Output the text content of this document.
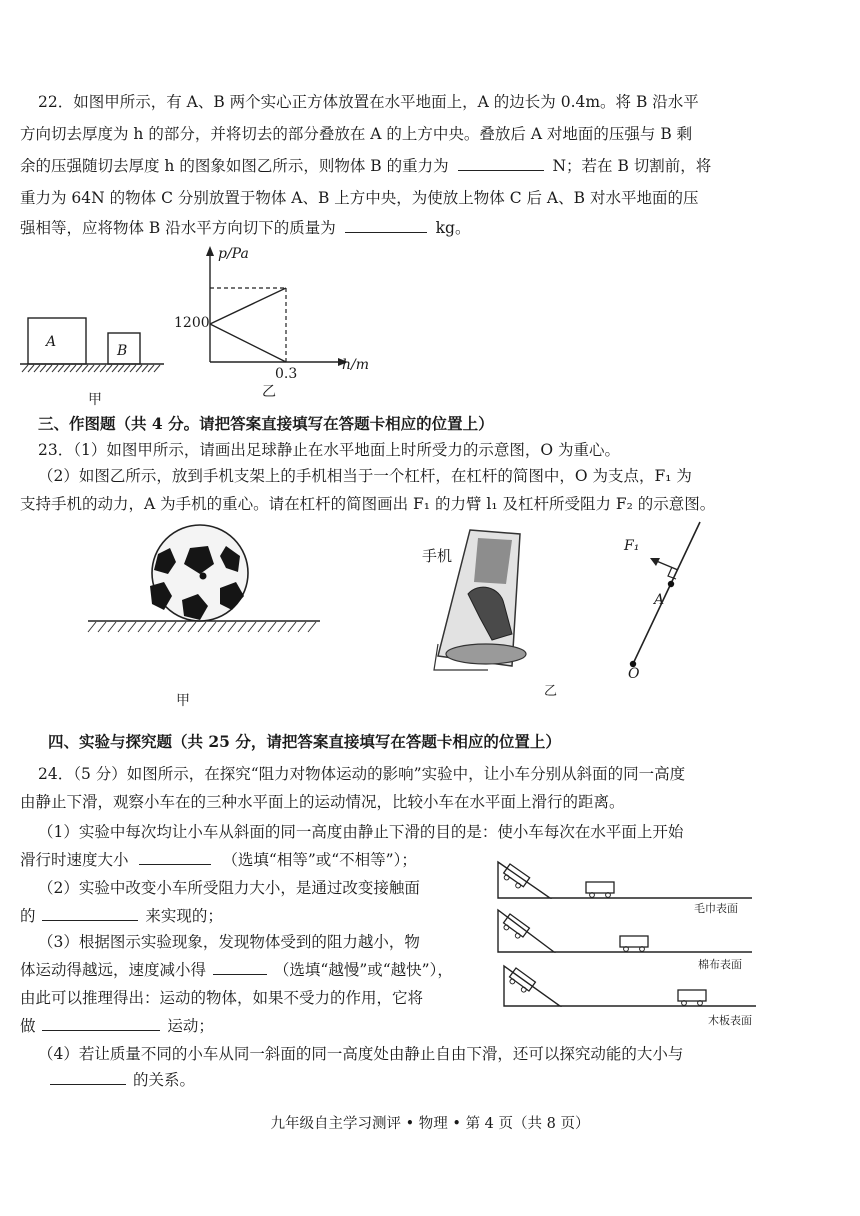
22．如图甲所示，有 A、B 两个实心正方体放置在水平地面上，A 的边长为 0.4m。将 B 沿水平
方向切去厚度为 h 的部分，并将切去的部分叠放在 A 的上方中央。叠放后 A 对地面的压强与 B 剩
余的压强随切去厚度 h 的图象如图乙所示，则物体 B 的重力为	N；若在 B 切割前，将
重力为 64N 的物体 C 分别放置于物体 A、B 上方中央，为使放上物体 C 后 A、B 对水平地面的压
强相等，应将物体 B 沿水平方向切下的质量为	kg。
A
B
甲
p/Pa
1200
0.3
h/m
乙
三、作图题（共 4 分。请把答案直接填写在答题卡相应的位置上）
23．（1）如图甲所示，请画出足球静止在水平地面上时所受力的示意图，O 为重心。
（2）如图乙所示，放到手机支架上的手机相当于一个杠杆，在杠杆的简图中，O 为支点，F₁ 为
支持手机的动力，A 为手机的重心。请在杠杆的简图画出 F₁ 的力臂 l₁ 及杠杆所受阻力 F₂ 的示意图。
甲
手机
乙
F₁
A
O
四、实验与探究题（共 25 分，请把答案直接填写在答题卡相应的位置上）
24．（5 分）如图所示，在探究“阻力对物体运动的影响”实验中，让小车分别从斜面的同一高度
由静止下滑，观察小车在的三种水平面上的运动情况，比较小车在水平面上滑行的距离。
（1）实验中每次均让小车从斜面的同一高度由静止下滑的目的是：使小车每次在水平面上开始
滑行时速度大小	（选填“相等”或“不相等”）；
（2）实验中改变小车所受阻力大小，是通过改变接触面
的	来实现的；
（3）根据图示实验现象，发现物体受到的阻力越小，物
体运动得越远，速度减小得	（选填“越慢”或“越快”），
由此可以推理得出：运动的物体，如果不受力的作用，它将
做	运动；
（4）若让质量不同的小车从同一斜面的同一高度处由静止自由下滑，还可以探究动能的大小与
的关系。
毛巾表面
棉布表面
木板表面
九年级自主学习测评 • 物理 • 第 4 页（共 8 页）
